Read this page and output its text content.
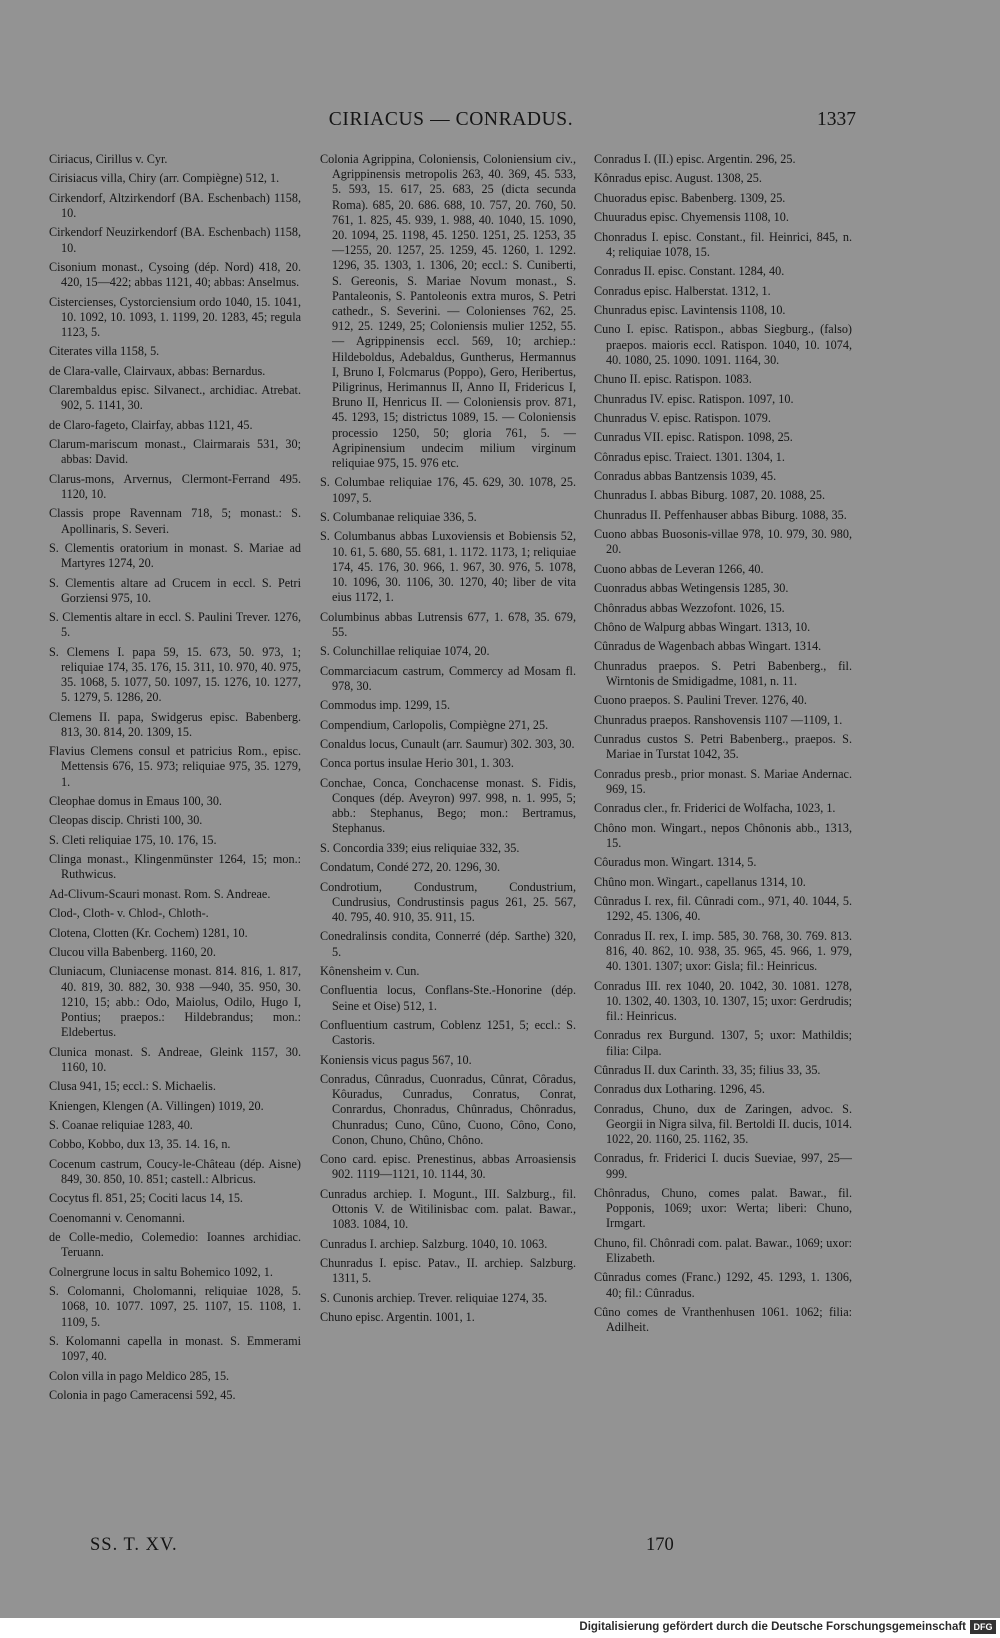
CIRIACUS — CONRADUS.	1337
Ciriacus, Cirillus v. Cyr.
Cirisiacus villa, Chiry (arr. Compiègne) 512, 1.
Cirkendorf, Altzirkendorf (BA. Eschenbach) 1158, 10.
Cirkendorf Neuzirkendorf (BA. Eschenbach) 1158, 10.
Cisonium monast., Cysoing (dép. Nord) 418, 20. 420, 15—422; abbas 1121, 40; abbas: Anselmus.
Cistercienses, Cystorciensium ordo 1040, 15. 1041, 10. 1092, 10. 1093, 1. 1199, 20. 1283, 45; regula 1123, 5.
Citerates villa 1158, 5.
de Clara-valle, Clairvaux, abbas: Bernardus.
Clarembaldus episc. Silvanect., archidiac. Atrebat. 902, 5. 1141, 30.
de Claro-fageto, Clairfay, abbas 1121, 45.
Clarum-mariscum monast., Clairmarais 531, 30; abbas: David.
Clarus-mons, Arvernus, Clermont-Ferrand 495. 1120, 10.
Classis prope Ravennam 718, 5; monast.: S. Apollinaris, S. Severi.
S. Clementis oratorium in monast. S. Mariae ad Martyres 1274, 20.
S. Clementis altare ad Crucem in eccl. S. Petri Gorziensi 975, 10.
S. Clementis altare in eccl. S. Paulini Trever. 1276, 5.
S. Clemens I. papa 59, 15. 673, 50. 973, 1; reliquiae 174, 35. 176, 15. 311, 10. 970, 40. 975, 35. 1068, 5. 1077, 50. 1097, 15. 1276, 10. 1277, 5. 1279, 5. 1286, 20.
Clemens II. papa, Swidgerus episc. Babenberg. 813, 30. 814, 20. 1309, 15.
Flavius Clemens consul et patricius Rom., episc. Mettensis 676, 15. 973; reliquiae 975, 35. 1279, 1.
Cleophae domus in Emaus 100, 30.
Cleopas discip. Christi 100, 30.
S. Cleti reliquiae 175, 10. 176, 15.
Clinga monast., Klingenmünster 1264, 15; mon.: Ruthwicus.
Ad-Clivum-Scauri monast. Rom. S. Andreae.
Clod-, Cloth- v. Chlod-, Chloth-.
Clotena, Clotten (Kr. Cochem) 1281, 10.
Clucou villa Babenberg. 1160, 20.
Cluniacum, Cluniacense monast. 814. 816, 1. 817, 40. 819, 30. 882, 30. 938 —940, 35. 950, 30. 1210, 15; abb.: Odo, Maiolus, Odilo, Hugo I, Pontius; praepos.: Hildebrandus; mon.: Eldebertus.
Clunica monast. S. Andreae, Gleink 1157, 30. 1160, 10.
Clusa 941, 15; eccl.: S. Michaelis.
Kniengen, Klengen (A. Villingen) 1019, 20.
S. Coanae reliquiae 1283, 40.
Cobbo, Kobbo, dux 13, 35. 14. 16, n.
Cocenum castrum, Coucy-le-Château (dép. Aisne) 849, 30. 850, 10. 851; castell.: Albricus.
Cocytus fl. 851, 25; Cociti lacus 14, 15.
Coenomanni v. Cenomanni.
de Colle-medio, Colemedio: Ioannes archidiac. Teruann.
Colnergrune locus in saltu Bohemico 1092, 1.
S. Colomanni, Cholomanni, reliquiae 1028, 5. 1068, 10. 1077. 1097, 25. 1107, 15. 1108, 1. 1109, 5.
S. Kolomanni capella in monast. S. Emmerami 1097, 40.
Colon villa in pago Meldico 285, 15.
Colonia in pago Cameracensi 592, 45.
Colonia Agrippina, Coloniensis, Coloniensium civ., Agrippinensis metropolis 263, 40. 369, 45. 533, 5. 593, 15. 617, 25. 683, 25 (dicta secunda Roma). 685, 20. 686. 688, 10. 757, 20. 760, 50. 761, 1. 825, 45. 939, 1. 988, 40. 1040, 15. 1090, 20. 1094, 25. 1198, 45. 1250. 1251, 25. 1253, 35—1255, 20. 1257, 25. 1259, 45. 1260, 1. 1292. 1296, 35. 1303, 1. 1306, 20; eccl.: S. Cuniberti, S. Gereonis, S. Mariae Novum monast., S. Pantaleonis, S. Pantoleonis extra muros, S. Petri cathedr., S. Severini. — Colonienses 762, 25. 912, 25. 1249, 25; Coloniensis mulier 1252, 55. — Agrippinensis eccl. 569, 10; archiep.: Hildeboldus, Adebaldus, Guntherus, Hermannus I, Bruno I, Folcmarus (Poppo), Gero, Heribertus, Piligrinus, Herimannus II, Anno II, Fridericus I, Bruno II, Henricus II. — Coloniensis prov. 871, 45. 1293, 15; districtus 1089, 15. — Coloniensis processio 1250, 50; gloria 761, 5. — Agripinensium undecim milium virginum reliquiae 975, 15. 976 etc.
S. Columbae reliquiae 176, 45. 629, 30. 1078, 25. 1097, 5.
S. Columbanae reliquiae 336, 5.
S. Columbanus abbas Luxoviensis et Bobiensis 52, 10. 61, 5. 680, 55. 681, 1. 1172. 1173, 1; reliquiae 174, 45. 176, 30. 966, 1. 967, 30. 976, 5. 1078, 10. 1096, 30. 1106, 30. 1270, 40; liber de vita eius 1172, 1.
Columbinus abbas Lutrensis 677, 1. 678, 35. 679, 55.
S. Colunchillae reliquiae 1074, 20.
Commarciacum castrum, Commercy ad Mosam fl. 978, 30.
Commodus imp. 1299, 15.
Compendium, Carlopolis, Compiègne 271, 25.
Conaldus locus, Cunault (arr. Saumur) 302. 303, 30.
Conca portus insulae Herio 301, 1. 303.
Conchae, Conca, Conchacense monast. S. Fidis, Conques (dép. Aveyron) 997. 998, n. 1. 995, 5; abb.: Stephanus, Bego; mon.: Bertramus, Stephanus.
S. Concordia 339; eius reliquiae 332, 35.
Condatum, Condé 272, 20. 1296, 30.
Condrotium, Condustrum, Condustrium, Cundrusius, Condrustinsis pagus 261, 25. 567, 40. 795, 40. 910, 35. 911, 15.
Conedralinsis condita, Connerré (dép. Sarthe) 320, 5.
Kônensheim v. Cun.
Confluentia locus, Conflans-Ste.-Honorine (dép. Seine et Oise) 512, 1.
Confluentium castrum, Coblenz 1251, 5; eccl.: S. Castoris.
Koniensis vicus pagus 567, 10.
Conradus, Cûnradus, Cuonradus, Cûnrat, Côradus, Kôuradus, Cunradus, Conratus, Conrat, Conrardus, Chonradus, Chûnradus, Chônradus, Chunradus; Cuno, Cûno, Cuono, Côno, Cono, Conon, Chuno, Chûno, Chôno.
Cono card. episc. Prenestinus, abbas Arroasiensis 902. 1119—1121, 10. 1144, 30.
Cunradus archiep. I. Mogunt., III. Salzburg., fil. Ottonis V. de Witilinisbac com. palat. Bawar., 1083. 1084, 10.
Cunradus I. archiep. Salzburg. 1040, 10. 1063.
Chunradus I. episc. Patav., II. archiep. Salzburg. 1311, 5.
S. Cunonis archiep. Trever. reliquiae 1274, 35.
Chuno episc. Argentin. 1001, 1.
Conradus I. (II.) episc. Argentin. 296, 25.
Kônradus episc. August. 1308, 25.
Chuoradus episc. Babenberg. 1309, 25.
Chuuradus episc. Chyemensis 1108, 10.
Chonradus I. episc. Constant., fil. Heinrici, 845, n. 4; reliquiae 1078, 15.
Conradus II. episc. Constant. 1284, 40.
Conradus episc. Halberstat. 1312, 1.
Chunradus episc. Lavintensis 1108, 10.
Cuno I. episc. Ratispon., abbas Siegburg., (falso) praepos. maioris eccl. Ratispon. 1040, 10. 1074, 40. 1080, 25. 1090. 1091. 1164, 30.
Chuno II. episc. Ratispon. 1083.
Chunradus IV. episc. Ratispon. 1097, 10.
Chunradus V. episc. Ratispon. 1079.
Cunradus VII. episc. Ratispon. 1098, 25.
Cônradus episc. Traiect. 1301. 1304, 1.
Conradus abbas Bantzensis 1039, 45.
Chunradus I. abbas Biburg. 1087, 20. 1088, 25.
Chunradus II. Peffenhauser abbas Biburg. 1088, 35.
Cuono abbas Buosonis-villae 978, 10. 979, 30. 980, 20.
Cuono abbas de Leveran 1266, 40.
Cuonradus abbas Wetingensis 1285, 30.
Chônradus abbas Wezzofont. 1026, 15.
Chôno de Walpurg abbas Wingart. 1313, 10.
Cûnradus de Wagenbach abbas Wingart. 1314.
Chunradus praepos. S. Petri Babenberg., fil. Wirntonis de Smidigadme, 1081, n. 11.
Cuono praepos. S. Paulini Trever. 1276, 40.
Chunradus praepos. Ranshovensis 1107 —1109, 1.
Cunradus custos S. Petri Babenberg., praepos. S. Mariae in Turstat 1042, 35.
Conradus presb., prior monast. S. Mariae Andernac. 969, 15.
Conradus cler., fr. Friderici de Wolfacha, 1023, 1.
Chôno mon. Wingart., nepos Chônonis abb., 1313, 15.
Côuradus mon. Wingart. 1314, 5.
Chûno mon. Wingart., capellanus 1314, 10.
Cûnradus I. rex, fil. Cûnradi com., 971, 40. 1044, 5. 1292, 45. 1306, 40.
Conradus II. rex, I. imp. 585, 30. 768, 30. 769. 813. 816, 40. 862, 10. 938, 35. 965, 45. 966, 1. 979, 40. 1301. 1307; uxor: Gisla; fil.: Heinricus.
Conradus III. rex 1040, 20. 1042, 30. 1081. 1278, 10. 1302, 40. 1303, 10. 1307, 15; uxor: Gerdrudis; fil.: Heinricus.
Conradus rex Burgund. 1307, 5; uxor: Mathildis; filia: Cilpa.
Cûnradus II. dux Carinth. 33, 35; filius 33, 35.
Conradus dux Lotharing. 1296, 45.
Conradus, Chuno, dux de Zaringen, advoc. S. Georgii in Nigra silva, fil. Bertoldi II. ducis, 1014. 1022, 20. 1160, 25. 1162, 35.
Conradus, fr. Friderici I. ducis Sueviae, 997, 25—999.
Chônradus, Chuno, comes palat. Bawar., fil. Popponis, 1069; uxor: Werta; liberi: Chuno, Irmgart.
Chuno, fil. Chônradi com. palat. Bawar., 1069; uxor: Elizabeth.
Cûnradus comes (Franc.) 1292, 45. 1293, 1. 1306, 40; fil.: Cûnradus.
Cûno comes de Vranthenhusen 1061. 1062; filia: Adilheit.
SS. T. XV.	170
Digitalisierung gefördert durch die Deutsche Forschungsgemeinschaft DFG
